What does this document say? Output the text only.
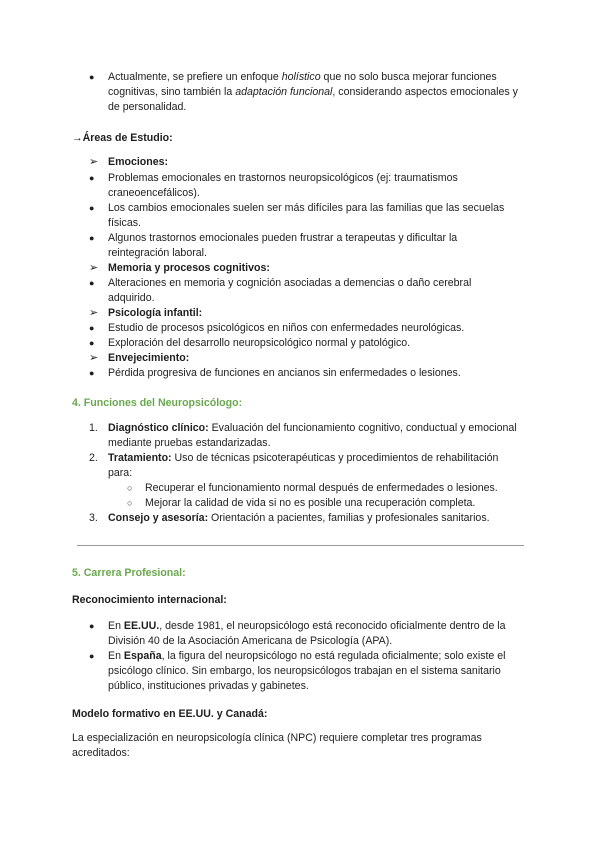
●	Actualmente, se prefiere un enfoque holístico que no solo busca mejorar funciones cognitivas, sino también la adaptación funcional, considerando aspectos emocionales y de personalidad.
→Áreas de Estudio:
➢ Emociones:
●	Problemas emocionales en trastornos neuropsicológicos (ej: traumatismos craneoencefálicos).
●	Los cambios emocionales suelen ser más difíciles para las familias que las secuelas físicas.
●	Algunos trastornos emocionales pueden frustrar a terapeutas y dificultar la reintegración laboral.
➢ Memoria y procesos cognitivos:
●	Alteraciones en memoria y cognición asociadas a demencias o daño cerebral adquirido.
➢ Psicología infantil:
●	Estudio de procesos psicológicos en niños con enfermedades neurológicas.
●	Exploración del desarrollo neuropsicológico normal y patológico.
➢ Envejecimiento:
●	Pérdida progresiva de funciones en ancianos sin enfermedades o lesiones.
4. Funciones del Neuropsicólogo:
1. Diagnóstico clínico: Evaluación del funcionamiento cognitivo, conductual y emocional mediante pruebas estandarizadas.
2. Tratamiento: Uso de técnicas psicoterapéuticas y procedimientos de rehabilitación para:
○ Recuperar el funcionamiento normal después de enfermedades o lesiones.
○ Mejorar la calidad de vida si no es posible una recuperación completa.
3. Consejo y asesoría: Orientación a pacientes, familias y profesionales sanitarios.
5. Carrera Profesional:
Reconocimiento internacional:
●	En EE.UU., desde 1981, el neuropsicólogo está reconocido oficialmente dentro de la División 40 de la Asociación Americana de Psicología (APA).
●	En España, la figura del neuropsicólogo no está regulada oficialmente; solo existe el psicólogo clínico. Sin embargo, los neuropsicólogos trabajan en el sistema sanitario público, instituciones privadas y gabinetes.
Modelo formativo en EE.UU. y Canadá:
La especialización en neuropsicología clínica (NPC) requiere completar tres programas acreditados:
